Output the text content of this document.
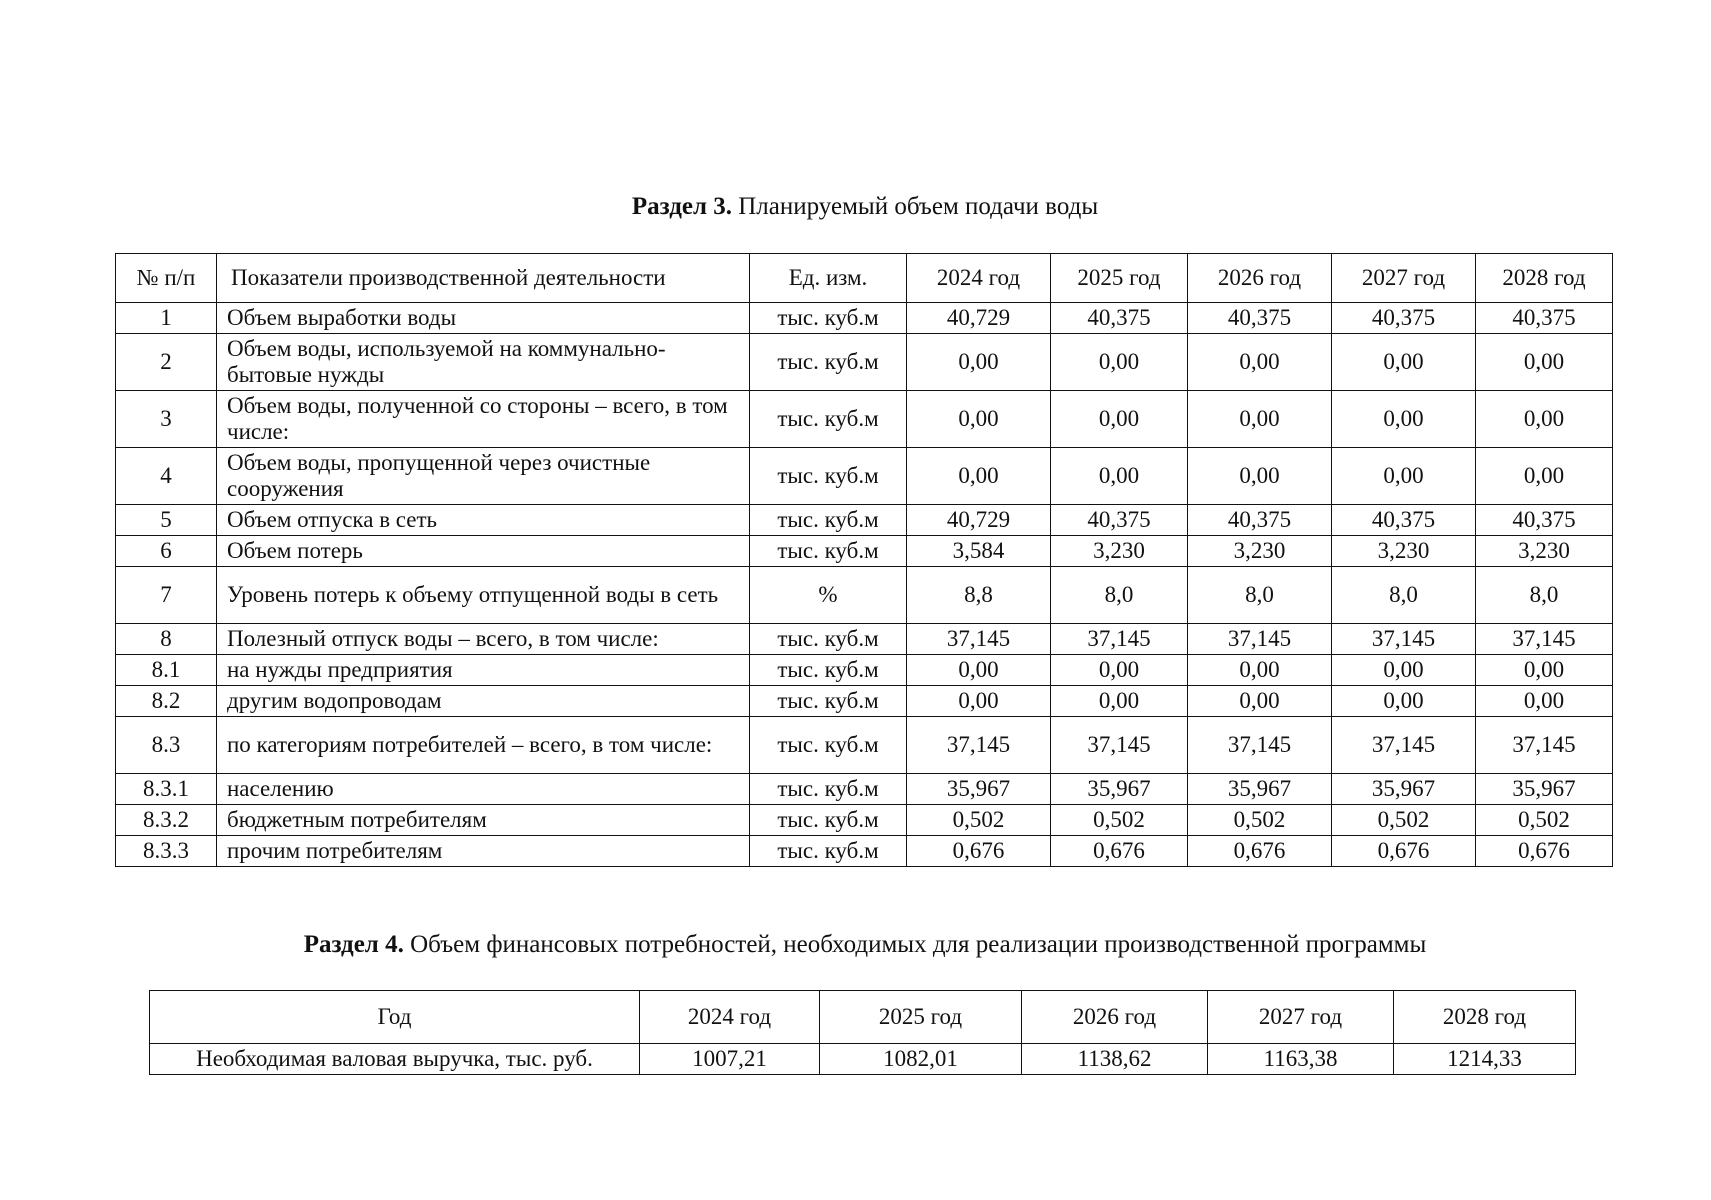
Раздел 3. Планируемый объем подачи воды
№ п/п	Показатели производственной деятельности	Ед. изм.	2024 год	2025 год	2026 год	2027 год	2028 год
1	Объем выработки воды	тыс. куб.м	40,729	40,375	40,375	40,375	40,375
2	Объем воды, используемой на коммунально-бытовые нужды	тыс. куб.м	0,00	0,00	0,00	0,00	0,00
3	Объем воды, полученной со стороны – всего, в том числе:	тыс. куб.м	0,00	0,00	0,00	0,00	0,00
4	Объем воды, пропущенной через очистные сооружения	тыс. куб.м	0,00	0,00	0,00	0,00	0,00
5	Объем отпуска в сеть	тыс. куб.м	40,729	40,375	40,375	40,375	40,375
6	Объем потерь	тыс. куб.м	3,584	3,230	3,230	3,230	3,230
7	Уровень потерь к объему отпущенной воды в сеть	%	8,8	8,0	8,0	8,0	8,0
8	Полезный отпуск воды – всего, в том числе:	тыс. куб.м	37,145	37,145	37,145	37,145	37,145
8.1	на нужды предприятия	тыс. куб.м	0,00	0,00	0,00	0,00	0,00
8.2	другим водопроводам	тыс. куб.м	0,00	0,00	0,00	0,00	0,00
8.3	по категориям потребителей – всего, в том числе:	тыс. куб.м	37,145	37,145	37,145	37,145	37,145
8.3.1	населению	тыс. куб.м	35,967	35,967	35,967	35,967	35,967
8.3.2	бюджетным потребителям	тыс. куб.м	0,502	0,502	0,502	0,502	0,502
8.3.3	прочим потребителям	тыс. куб.м	0,676	0,676	0,676	0,676	0,676
Раздел 4. Объем финансовых потребностей, необходимых для реализации производственной программы
Год	2024 год	2025 год	2026 год	2027 год	2028 год
Необходимая валовая выручка, тыс. руб.	1007,21	1082,01	1138,62	1163,38	1214,33
